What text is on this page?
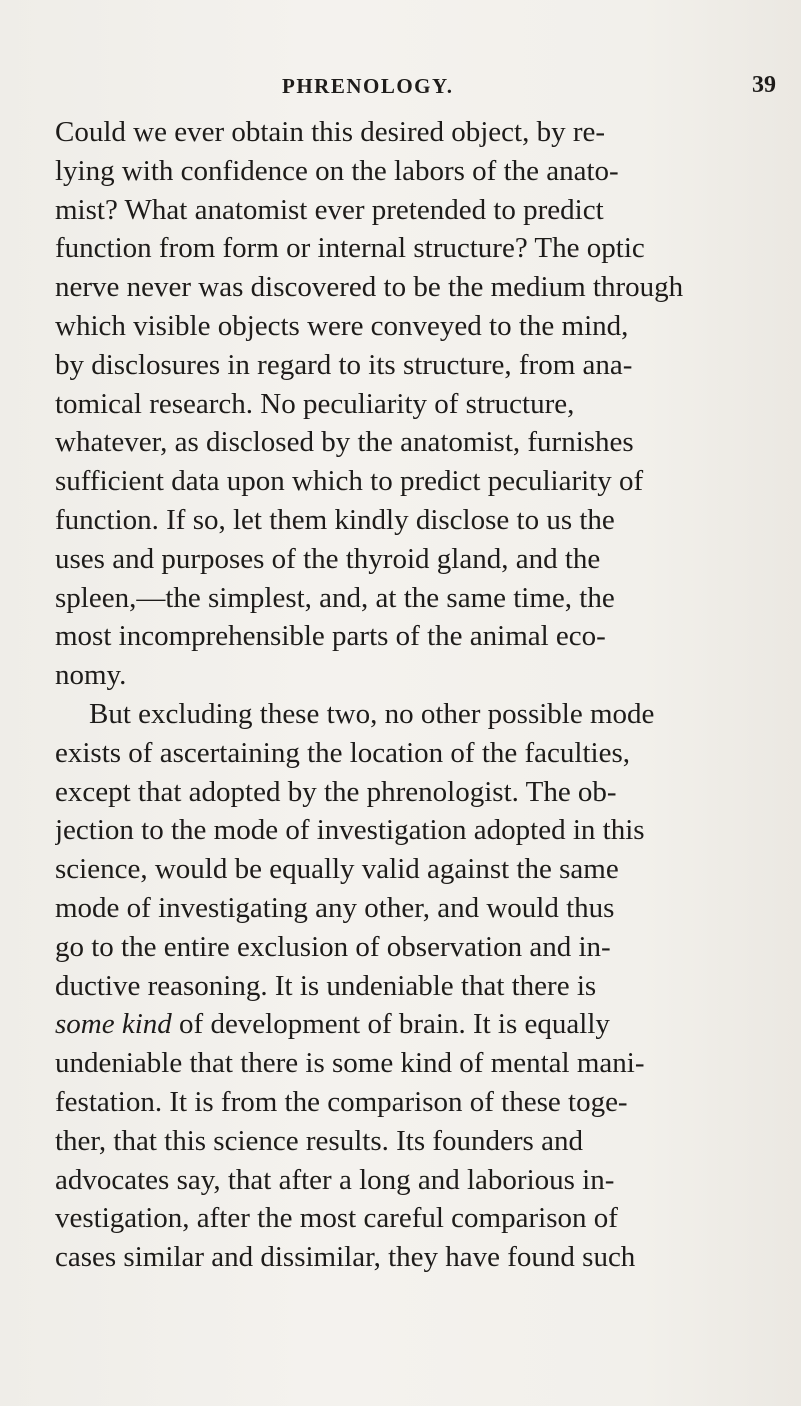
PHRENOLOGY.	39
Could we ever obtain this desired object, by re-
lying with confidence on the labors of the anato-
mist? What anatomist ever pretended to predict
function from form or internal structure? The optic
nerve never was discovered to be the medium through
which visible objects were conveyed to the mind,
by disclosures in regard to its structure, from ana-
tomical research. No peculiarity of structure,
whatever, as disclosed by the anatomist, furnishes
sufficient data upon which to predict peculiarity of
function. If so, let them kindly disclose to us the
uses and purposes of the thyroid gland, and the
spleen,—the simplest, and, at the same time, the
most incomprehensible parts of the animal eco-
nomy.
But excluding these two, no other possible mode
exists of ascertaining the location of the faculties,
except that adopted by the phrenologist. The ob-
jection to the mode of investigation adopted in this
science, would be equally valid against the same
mode of investigating any other, and would thus
go to the entire exclusion of observation and in-
ductive reasoning. It is undeniable that there is
some kind of development of brain. It is equally
undeniable that there is some kind of mental mani-
festation. It is from the comparison of these toge-
ther, that this science results. Its founders and
advocates say, that after a long and laborious in-
vestigation, after the most careful comparison of
cases similar and dissimilar, they have found such
